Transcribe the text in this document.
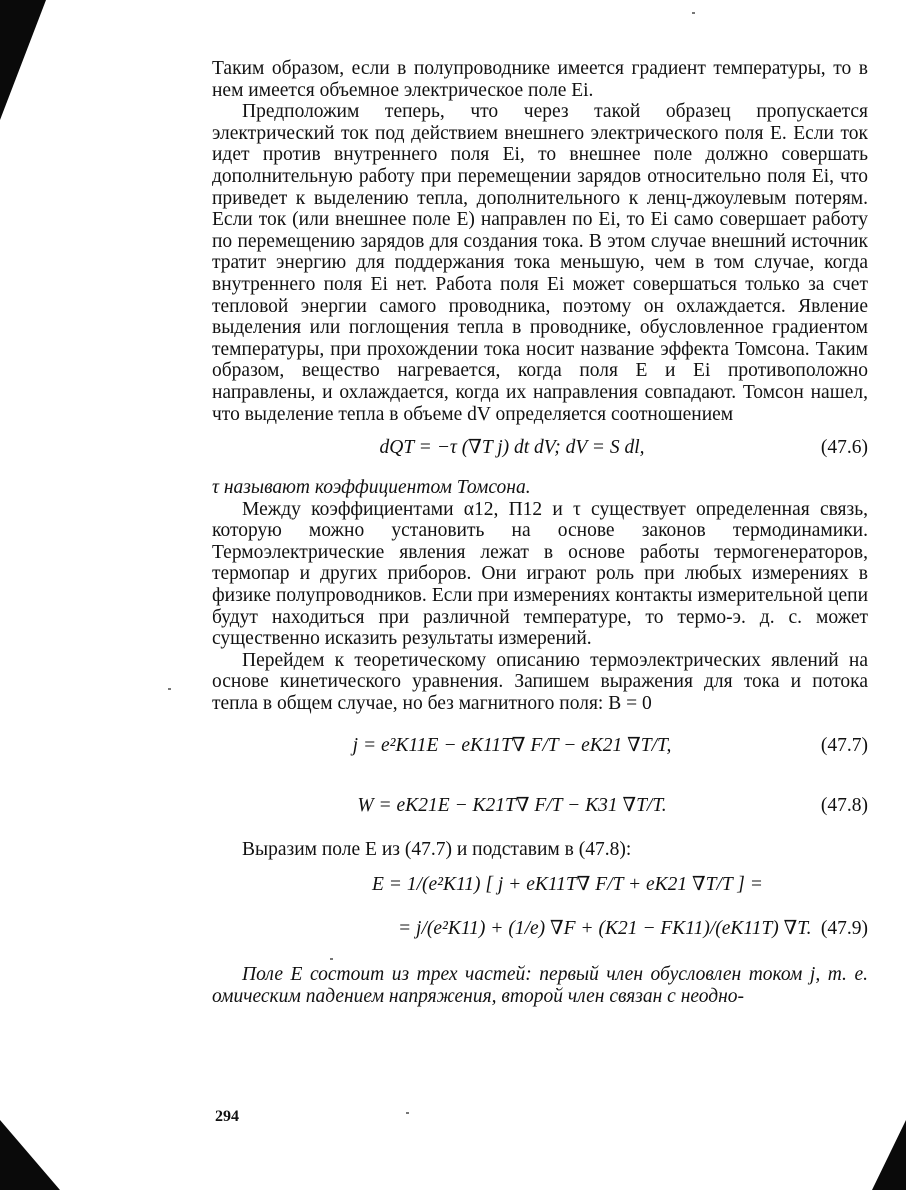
Таким образом, если в полупроводнике имеется градиент температуры, то в нем имеется объемное электрическое поле Ei.

Предположим теперь, что через такой образец пропускается электрический ток под действием внешнего электрического поля E. Если ток идет против внутреннего поля Ei, то внешнее поле должно совершать дополнительную работу при перемещении зарядов относительно поля Ei, что приведет к выделению тепла, дополнительного к ленц-джоулевым потерям. Если ток (или внешнее поле E) направлен по Ei, то Ei само совершает работу по перемещению зарядов для создания тока. В этом случае внешний источник тратит энергию для поддержания тока меньшую, чем в том случае, когда внутреннего поля Ei нет. Работа поля Ei может совершаться только за счет тепловой энергии самого проводника, поэтому он охлаждается. Явление выделения или поглощения тепла в проводнике, обусловленное градиентом температуры, при прохождении тока носит название эффекта Томсона. Таким образом, вещество нагревается, когда поля E и Ei противоположно направлены, и охлаждается, когда их направления совпадают. Томсон нашел, что выделение тепла в объеме dV определяется соотношением

dQT = −τ (∇T j) dt dV; dV = S dl,	(47.6)

τ называют коэффициентом Томсона.

Между коэффициентами α12, Π12 и τ существует определенная связь, которую можно установить на основе законов термодинамики. Термоэлектрические явления лежат в основе работы термогенераторов, термопар и других приборов. Они играют роль при любых измерениях в физике полупроводников. Если при измерениях контакты измерительной цепи будут находиться при различной температуре, то термо-э. д. с. может существенно исказить результаты измерений.

Перейдем к теоретическому описанию термоэлектрических явлений на основе кинетического уравнения. Запишем выражения для тока и потока тепла в общем случае, но без магнитного поля: B = 0

j = e²K11E − eK11T∇ F/T − eK21 ∇T/T,	(47.7)
W = eK21E − K21T∇ F/T − K31 ∇T/T.	(47.8)

Выразим поле E из (47.7) и подставим в (47.8):

E = 1/(e²K11) [ j + eK11T∇ F/T + eK21 ∇T/T ] =
= j/(e²K11) + (1/e) ∇F + (K21 − FK11)/(eK11T) ∇T. (47.9)

Поле E состоит из трех частей: первый член обусловлен током j, т. е. омическим падением напряжения, второй член связан с неодно-

294
